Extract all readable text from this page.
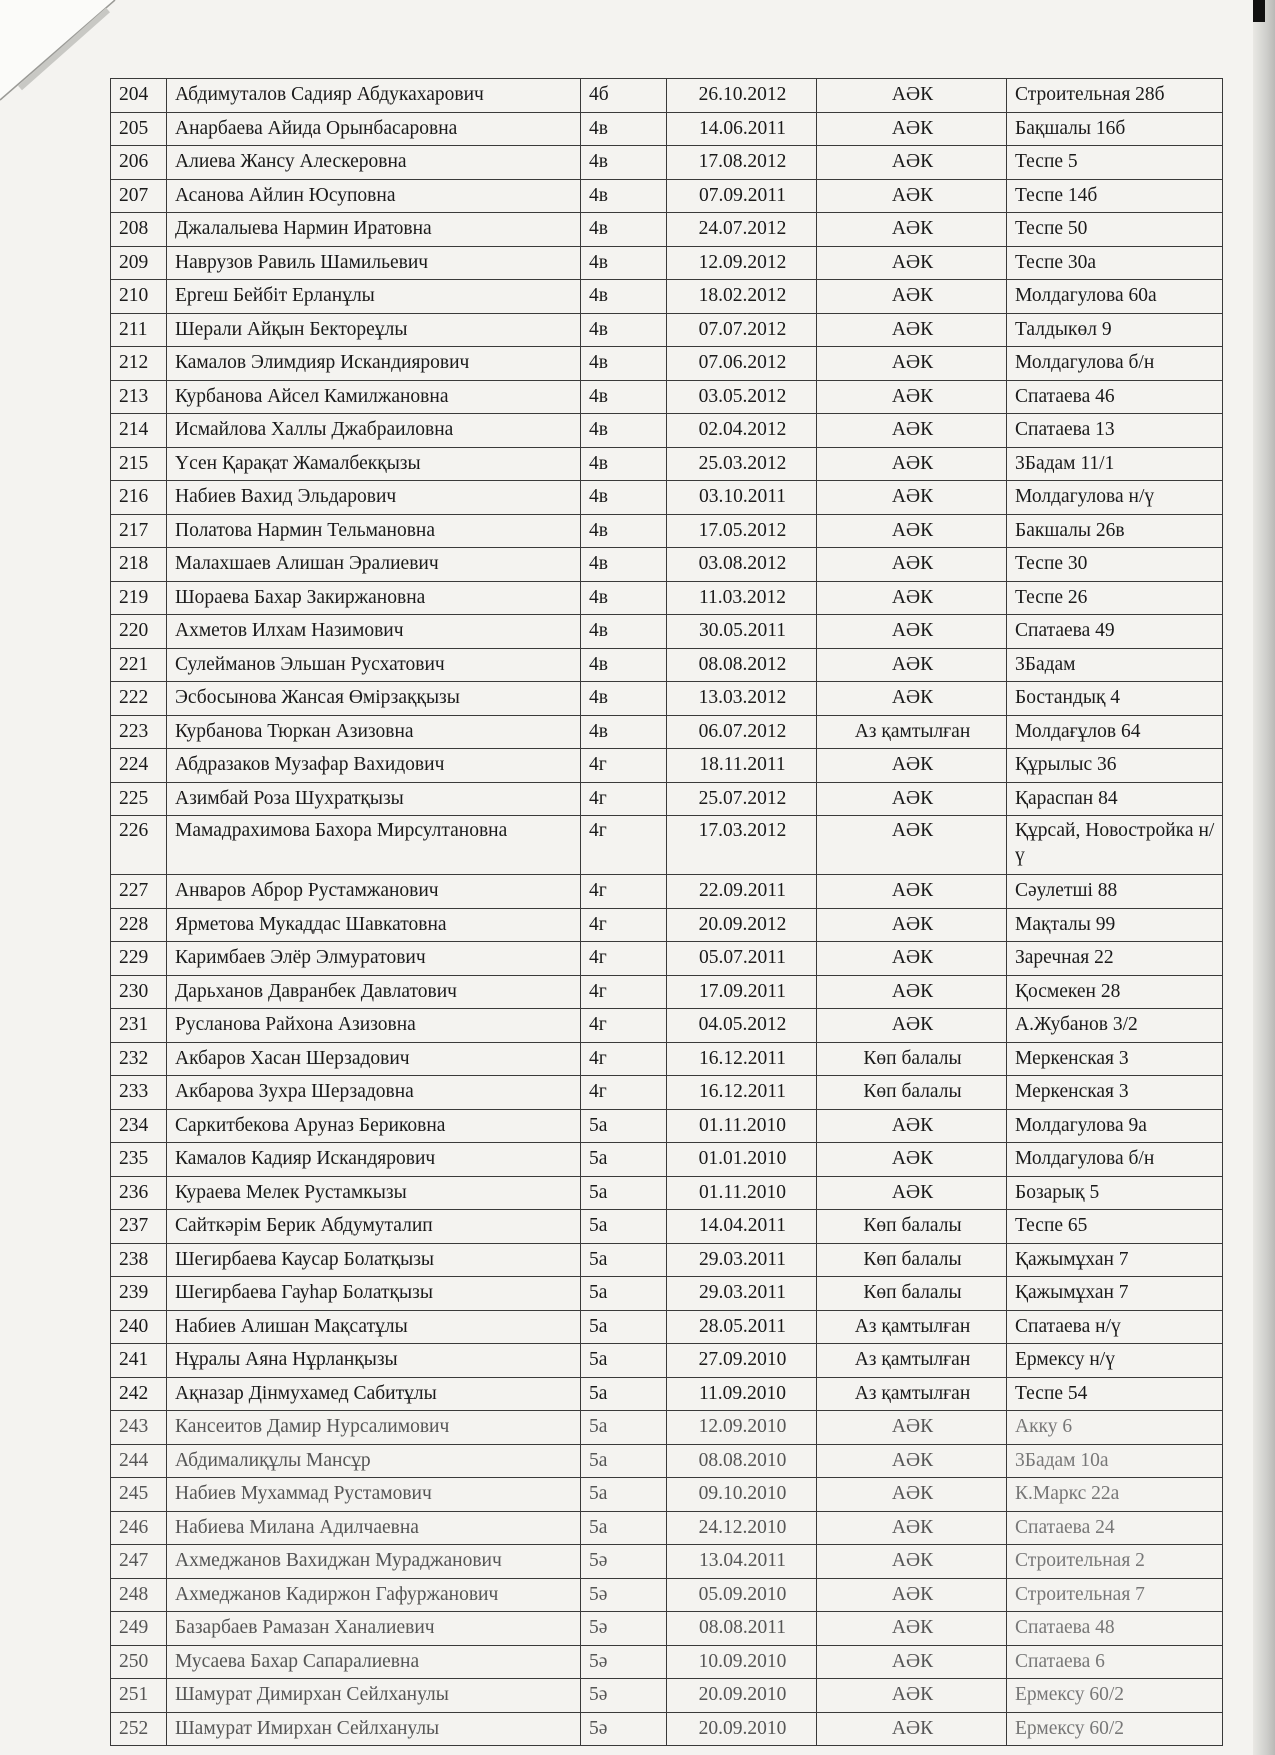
204	Абдимуталов Садияр Абдукахарович	4б	26.10.2012	АӘК	Строительная 28б
205	Анарбаева Айида Орынбасаровна	4в	14.06.2011	АӘК	Бақшалы 16б
206	Алиева Жансу Алескеровна	4в	17.08.2012	АӘК	Теспе 5
207	Асанова Айлин Юсуповна	4в	07.09.2011	АӘК	Теспе 14б
208	Джалалыева Нармин Иратовна	4в	24.07.2012	АӘК	Теспе 50
209	Наврузов Равиль Шамильевич	4в	12.09.2012	АӘК	Теспе 30а
210	Ергеш Бейбіт Ерланұлы	4в	18.02.2012	АӘК	Молдагулова 60а
211	Шерали Айқын Бектореұлы	4в	07.07.2012	АӘК	Талдыкөл 9
212	Камалов Элимдияр Искандиярович	4в	07.06.2012	АӘК	Молдагулова б/н
213	Курбанова Айсел Камилжановна	4в	03.05.2012	АӘК	Спатаева 46
214	Исмайлова Халлы Джабраиловна	4в	02.04.2012	АӘК	Спатаева 13
215	Үсен Қарақат Жамалбекқызы	4в	25.03.2012	АӘК	3Бадам 11/1
216	Набиев Вахид Эльдарович	4в	03.10.2011	АӘК	Молдагулова н/ү
217	Полатова Нармин Тельмановна	4в	17.05.2012	АӘК	Бакшалы 26в
218	Малахшаев Алишан Эралиевич	4в	03.08.2012	АӘК	Теспе 30
219	Шораева Бахар Закиржановна	4в	11.03.2012	АӘК	Теспе 26
220	Ахметов Илхам Назимович	4в	30.05.2011	АӘК	Спатаева 49
221	Сулейманов Эльшан Русхатович	4в	08.08.2012	АӘК	3Бадам
222	Эсбосынова Жансая Өмірзаққызы	4в	13.03.2012	АӘК	Бостандық 4
223	Курбанова Тюркан Азизовна	4в	06.07.2012	Аз қамтылған	Молдағұлов 64
224	Абдразаков Музафар Вахидович	4г	18.11.2011	АӘК	Құрылыс 36
225	Азимбай Роза Шухратқызы	4г	25.07.2012	АӘК	Қараспан 84
226	Мамадрахимова Бахора Мирсултановна	4г	17.03.2012	АӘК	Құрсай, Новостройка н/ү
227	Анваров Аброр Рустамжанович	4г	22.09.2011	АӘК	Сәулетші 88
228	Ярметова Мукаддас Шавкатовна	4г	20.09.2012	АӘК	Мақталы 99
229	Каримбаев Элёр Элмуратович	4г	05.07.2011	АӘК	Заречная 22
230	Дарьханов Давранбек Давлатович	4г	17.09.2011	АӘК	Қосмекен 28
231	Русланова Райхона Азизовна	4г	04.05.2012	АӘК	А.Жубанов 3/2
232	Акбаров Хасан Шерзадович	4г	16.12.2011	Көп балалы	Меркенская 3
233	Акбарова Зухра Шерзадовна	4г	16.12.2011	Көп балалы	Меркенская 3
234	Саркитбекова Аруназ Бериковна	5а	01.11.2010	АӘК	Молдагулова 9а
235	Камалов Кадияр Искандярович	5а	01.01.2010	АӘК	Молдагулова б/н
236	Кураева Мелек Рустамкызы	5а	01.11.2010	АӘК	Бозарық 5
237	Сайткәрім Берик Абдумуталип	5а	14.04.2011	Көп балалы	Теспе 65
238	Шегирбаева Каусар Болатқызы	5а	29.03.2011	Көп балалы	Қажымұхан 7
239	Шегирбаева Гауһар Болатқызы	5а	29.03.2011	Көп балалы	Қажымұхан 7
240	Набиев Алишан Мақсатұлы	5а	28.05.2011	Аз қамтылған	Спатаева н/ү
241	Нұралы Аяна Нұрланқызы	5а	27.09.2010	Аз қамтылған	Ермексу н/ү
242	Ақназар Дінмухамед Сабитұлы	5а	11.09.2010	Аз қамтылған	Теспе 54
243	Кансеитов Дамир Нурсалимович	5а	12.09.2010	АӘК	Акку 6
244	Абдималиқұлы Мансұр	5а	08.08.2010	АӘК	3Бадам 10а
245	Набиев Мухаммад Рустамович	5а	09.10.2010	АӘК	К.Маркс 22а
246	Набиева Милана Адилчаевна	5а	24.12.2010	АӘК	Спатаева 24
247	Ахмеджанов Вахиджан Мураджанович	5ә	13.04.2011	АӘК	Строительная 2
248	Ахмеджанов Кадиржон Гафуржанович	5ә	05.09.2010	АӘК	Строительная 7
249	Базарбаев Рамазан Ханалиевич	5ә	08.08.2011	АӘК	Спатаева 48
250	Мусаева Бахар Сапаралиевна	5ә	10.09.2010	АӘК	Спатаева 6
251	Шамурат Димирхан Сейлханулы	5ә	20.09.2010	АӘК	Ермексу 60/2
252	Шамурат Имирхан Сейлханулы	5ә	20.09.2010	АӘК	Ермексу 60/2
